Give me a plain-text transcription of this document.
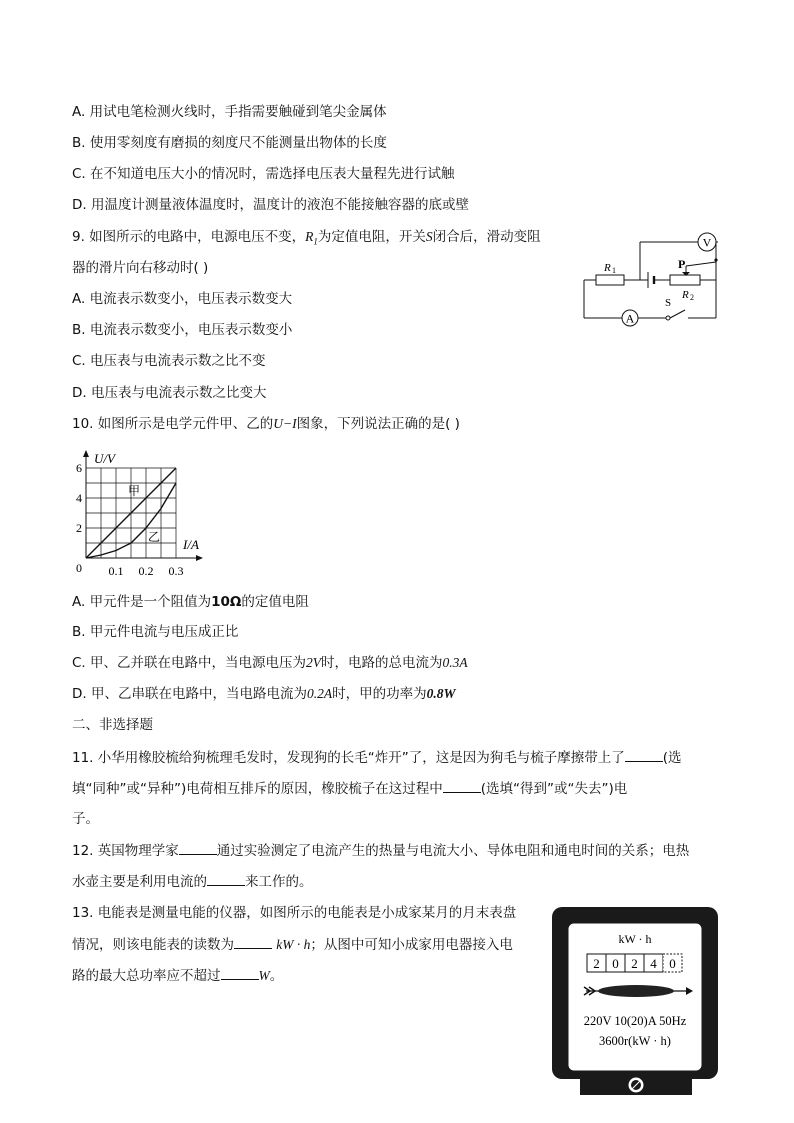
A. 用试电笔检测火线时，手指需要触碰到笔尖金属体
B. 使用零刻度有磨损的刻度尺不能测量出物体的长度
C. 在不知道电压大小的情况时，需选择电压表大量程先进行试触
D. 用温度计测量液体温度时，温度计的液泡不能接触容器的底或壁
9. 如图所示的电路中，电源电压不变，$R_1$为定值电阻，开关S闭合后，滑动变阻
器的滑片向右移动时( )
A. 电流表示数变小，电压表示数变大
B. 电流表示数变小，电压表示数变小
C. 电压表与电流表示数之比不变
D. 电压表与电流表示数之比变大
V
A
R 1	P
R 2
S
10. 如图所示是电学元件甲、乙的U−I图象，下列说法正确的是( )
0.1 0.2 0.3
0
2
4
6
U/V
I/A
甲
乙
A. 甲元件是一个阻值为10Ω的定值电阻
B. 甲元件电流与电压成正比
C. 甲、乙并联在电路中，当电源电压为2V时，电路的总电流为0.3A
D. 甲、乙串联在电路中，当电路电流为0.2A时，甲的功率为0.8W
二、非选择题
11. 小华用橡胶梳给狗梳理毛发时，发现狗的长毛“炸开”了，这是因为狗毛与梳子摩擦带上了	(选
填“同种”或“异种”)电荷相互排斥的原因，橡胶梳子在这过程中	(选填“得到”或“失去”)电
子。
12. 英国物理学家	通过实验测定了电流产生的热量与电流大小、导体电阻和通电时间的关系；电热
水壶主要是利用电流的	来工作的。
13. 电能表是测量电能的仪器，如图所示的电能表是小成家某月的月末表盘
情况，则该电能表的读数为	kW · h；从图中可知小成家用电器接入电
路的最大总功率应不超过	W。
kW · h
2 0 2 4 0
220V 10(20)A 50Hz
3600r(kW · h)
